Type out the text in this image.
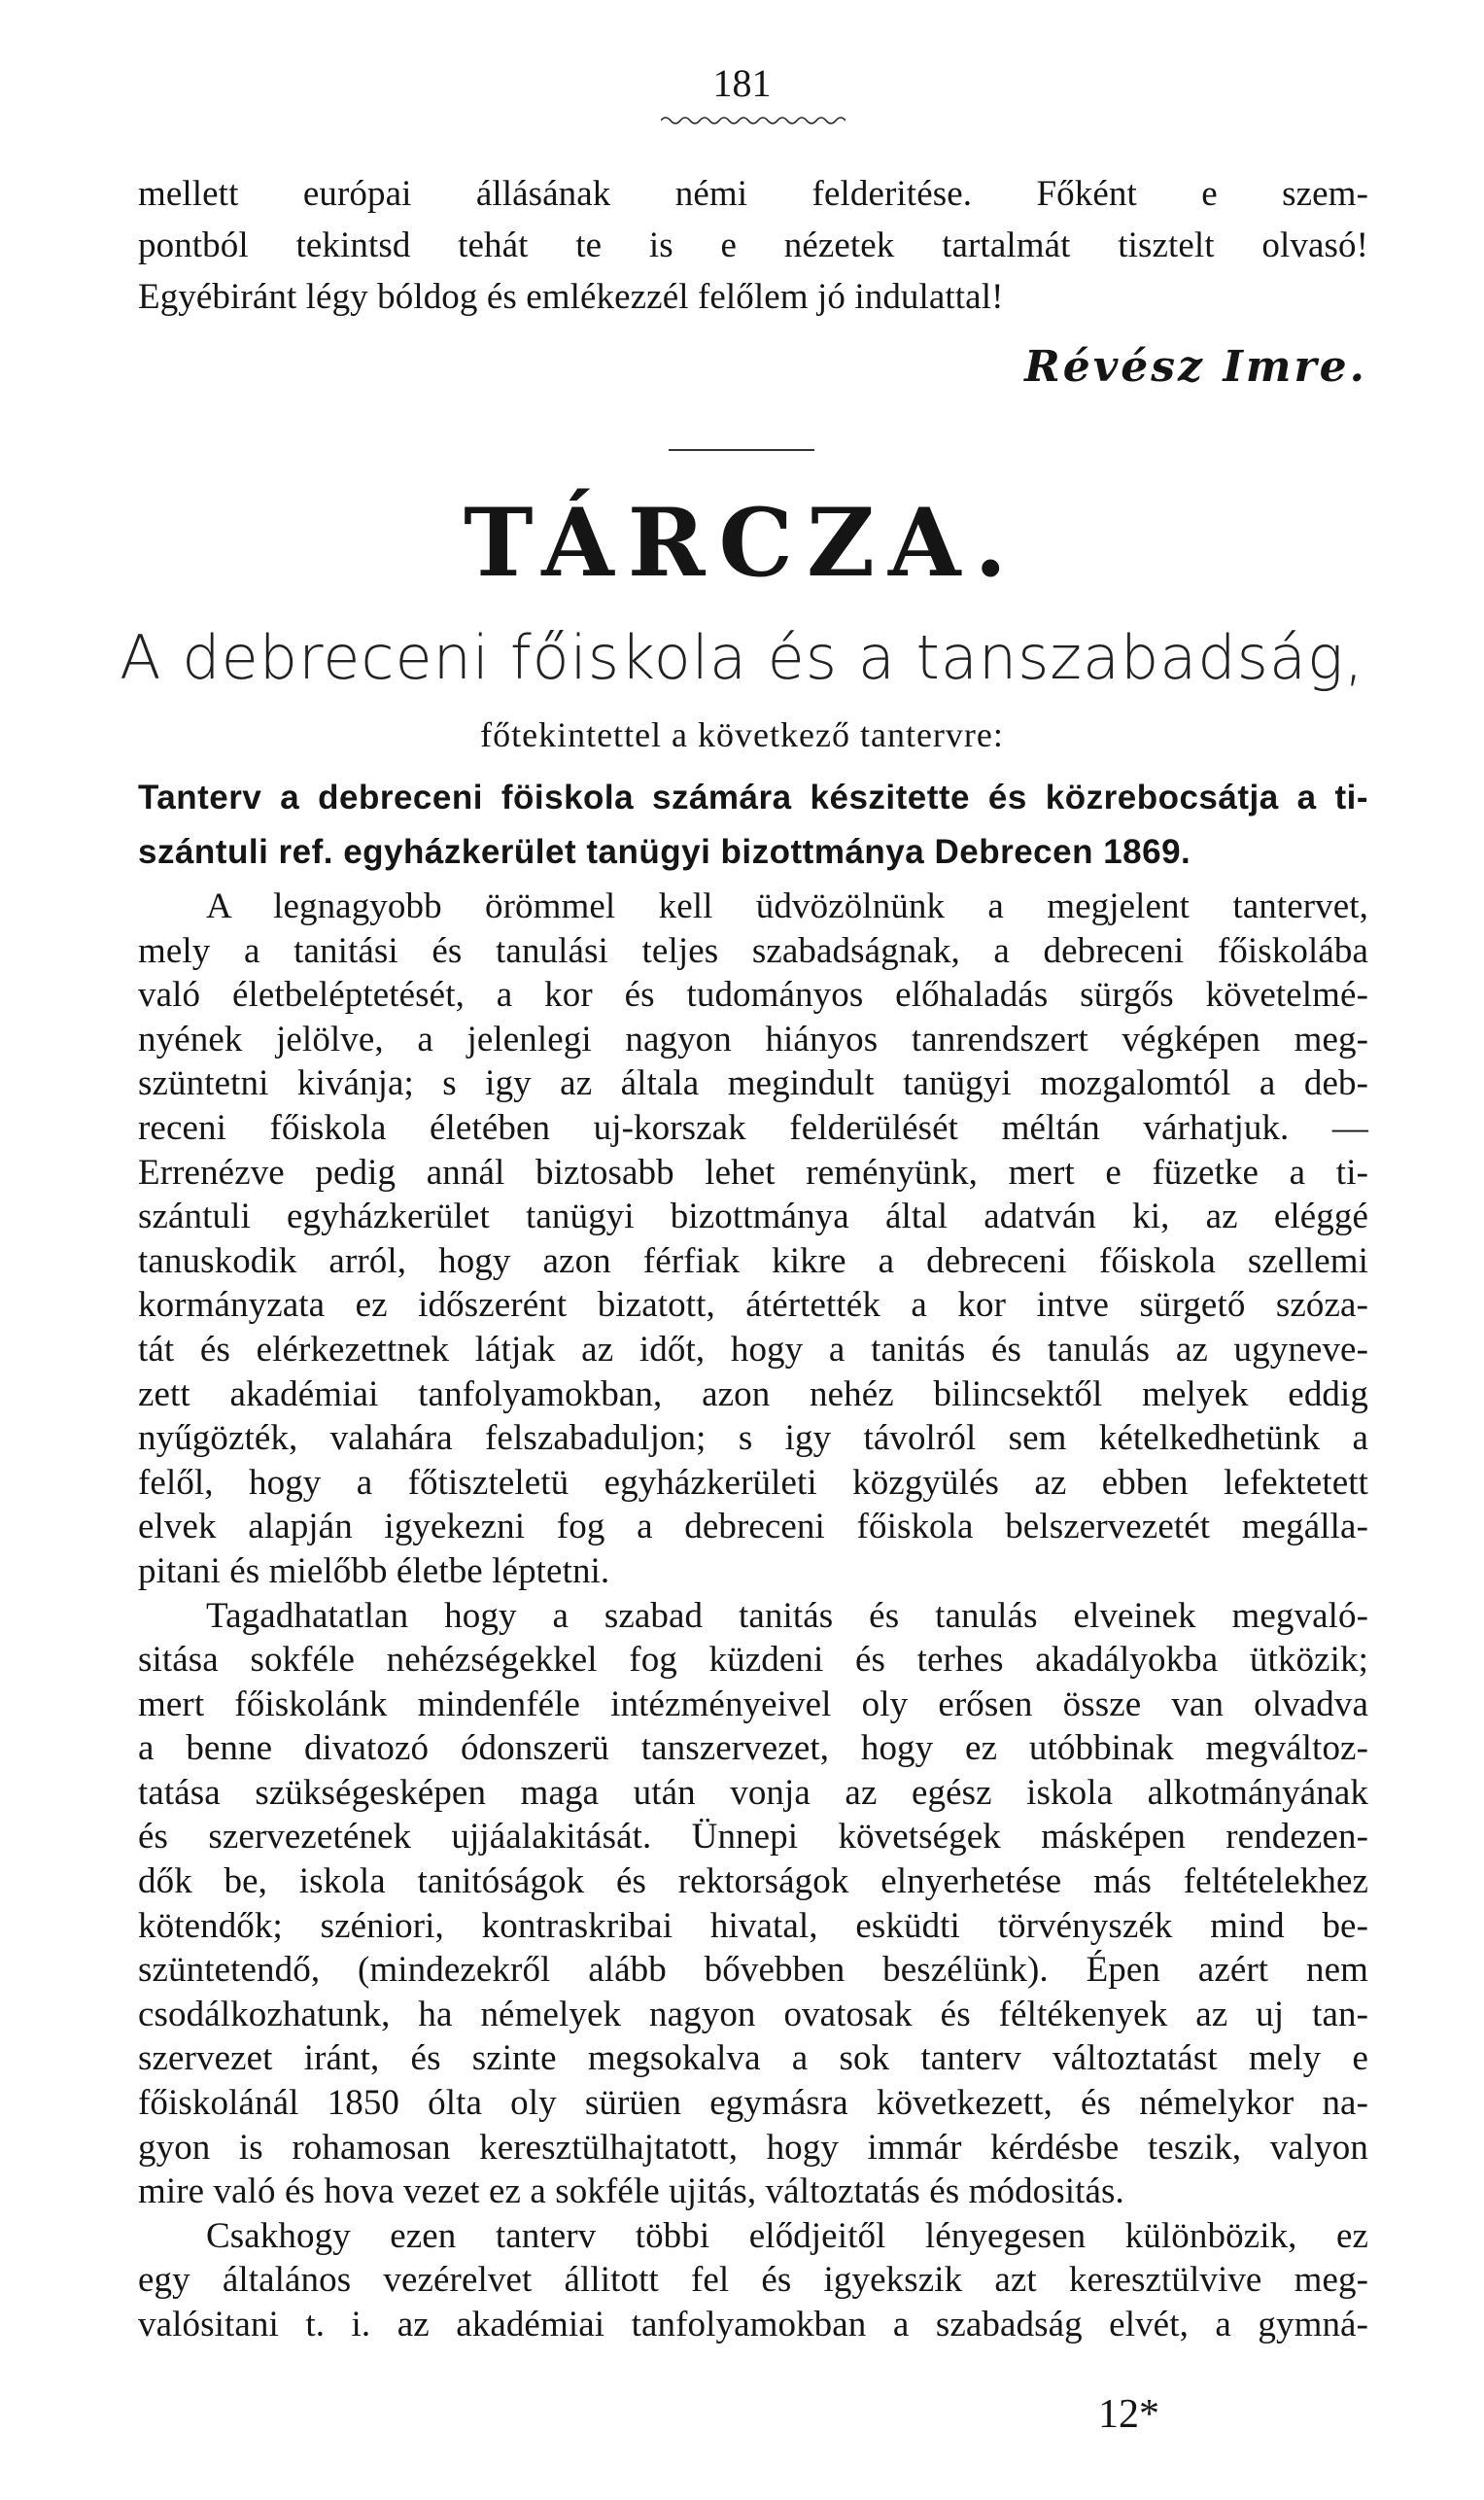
181
mellett európai állásának némi felderitése. Főként e szem-
pontból tekintsd tehát te is e nézetek tartalmát tisztelt olvasó!
Egyébiránt légy bóldog és emlékezzél felőlem jó indulattal!
Révész Imre.
TÁRCZA.
A debreceni főiskola és a tanszabadság,
főtekintettel a következő tantervre:
Tanterv a debreceni föiskola számára készitette és közrebocsátja a ti-
szántuli ref. egyházkerület tanügyi bizottmánya Debrecen 1869.
A legnagyobb örömmel kell üdvözölnünk a megjelent tantervet,
mely a tanitási és tanulási teljes szabadságnak, a debreceni főiskolába
való életbeléptetését, a kor és tudományos előhaladás sürgős követelmé-
nyének jelölve, a jelenlegi nagyon hiányos tanrendszert végképen meg-
szüntetni kivánja; s igy az általa megindult tanügyi mozgalomtól a deb-
receni főiskola életében uj-korszak felderülését méltán várhatjuk. —
Errenézve pedig annál biztosabb lehet reményünk, mert e füzetke a ti-
szántuli egyházkerület tanügyi bizottmánya által adatván ki, az eléggé
tanuskodik arról, hogy azon férfiak kikre a debreceni főiskola szellemi
kormányzata ez időszerént bizatott, átértették a kor intve sürgető szóza-
tát és elérkezettnek látjak az időt, hogy a tanitás és tanulás az ugyneve-
zett akadémiai tanfolyamokban, azon nehéz bilincsektől melyek eddig
nyűgözték, valahára felszabaduljon; s igy távolról sem kételkedhetünk a
felől, hogy a főtiszteletü egyházkerületi közgyülés az ebben lefektetett
elvek alapján igyekezni fog a debreceni főiskola belszervezetét megálla-
pitani és mielőbb életbe léptetni.
Tagadhatatlan hogy a szabad tanitás és tanulás elveinek megvaló-
sitása sokféle nehézségekkel fog küzdeni és terhes akadályokba ütközik;
mert főiskolánk mindenféle intézményeivel oly erősen össze van olvadva
a benne divatozó ódonszerü tanszervezet, hogy ez utóbbinak megváltoz-
tatása szükségesképen maga után vonja az egész iskola alkotmányának
és szervezetének ujjáalakitását. Ünnepi követségek másképen rendezen-
dők be, iskola tanitóságok és rektorságok elnyerhetése más feltételekhez
kötendők; széniori, kontraskribai hivatal, esküdti törvényszék mind be-
szüntetendő, (mindezekről alább bővebben beszélünk). Épen azért nem
csodálkozhatunk, ha némelyek nagyon ovatosak és féltékenyek az uj tan-
szervezet iránt, és szinte megsokalva a sok tanterv változtatást mely e
főiskolánál 1850 ólta oly sürüen egymásra következett, és némelykor na-
gyon is rohamosan keresztülhajtatott, hogy immár kérdésbe teszik, valyon
mire való és hova vezet ez a sokféle ujitás, változtatás és módositás.
Csakhogy ezen tanterv többi elődjeitől lényegesen különbözik, ez
egy általános vezérelvet állitott fel és igyekszik azt keresztülvive meg-
valósitani t. i. az akadémiai tanfolyamokban a szabadság elvét, a gymná-
12*
